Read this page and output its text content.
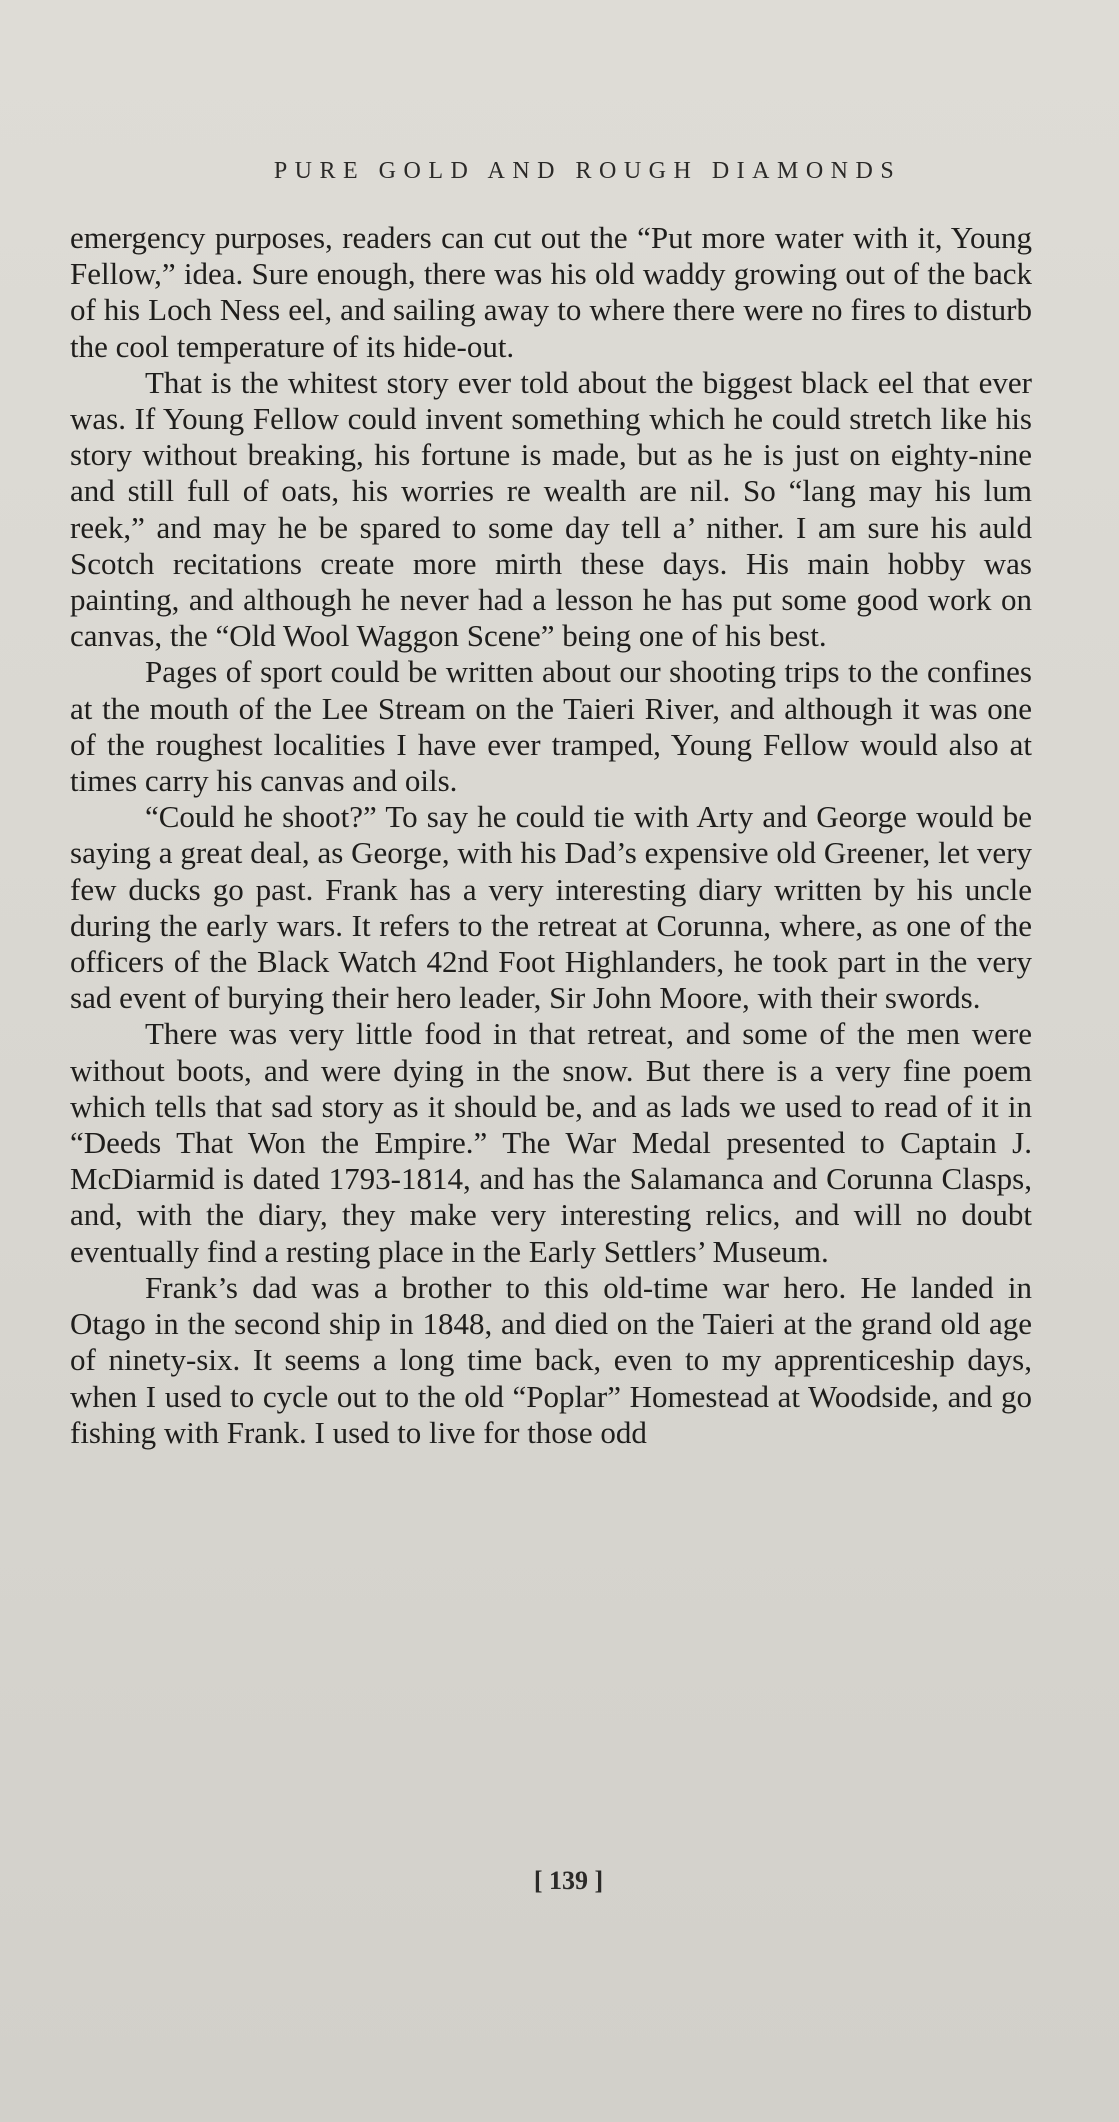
PURE GOLD AND ROUGH DIAMONDS

emergency purposes, readers can cut out the “Put more water with it, Young Fellow,” idea. Sure enough, there was his old waddy growing out of the back of his Loch Ness eel, and sailing away to where there were no fires to disturb the cool temperature of its hide-out.

That is the whitest story ever told about the biggest black eel that ever was. If Young Fellow could invent something which he could stretch like his story without breaking, his fortune is made, but as he is just on eighty-nine and still full of oats, his worries re wealth are nil. So “lang may his lum reek,” and may he be spared to some day tell a’ nither. I am sure his auld Scotch recitations create more mirth these days. His main hobby was painting, and although he never had a lesson he has put some good work on canvas, the “Old Wool Waggon Scene” being one of his best.

Pages of sport could be written about our shooting trips to the confines at the mouth of the Lee Stream on the Taieri River, and although it was one of the roughest localities I have ever tramped, Young Fellow would also at times carry his canvas and oils.

“Could he shoot?” To say he could tie with Arty and George would be saying a great deal, as George, with his Dad’s expensive old Greener, let very few ducks go past. Frank has a very interesting diary written by his uncle during the early wars. It refers to the retreat at Corunna, where, as one of the officers of the Black Watch 42nd Foot Highlanders, he took part in the very sad event of burying their hero leader, Sir John Moore, with their swords.

There was very little food in that retreat, and some of the men were without boots, and were dying in the snow. But there is a very fine poem which tells that sad story as it should be, and as lads we used to read of it in “Deeds That Won the Empire.” The War Medal presented to Captain J. McDiarmid is dated 1793-1814, and has the Salamanca and Corunna Clasps, and, with the diary, they make very interesting relics, and will no doubt eventually find a resting place in the Early Settlers’ Museum.

Frank’s dad was a brother to this old-time war hero. He landed in Otago in the second ship in 1848, and died on the Taieri at the grand old age of ninety-six. It seems a long time back, even to my apprenticeship days, when I used to cycle out to the old “Poplar” Homestead at Woodside, and go fishing with Frank. I used to live for those odd

[ 139 ]
